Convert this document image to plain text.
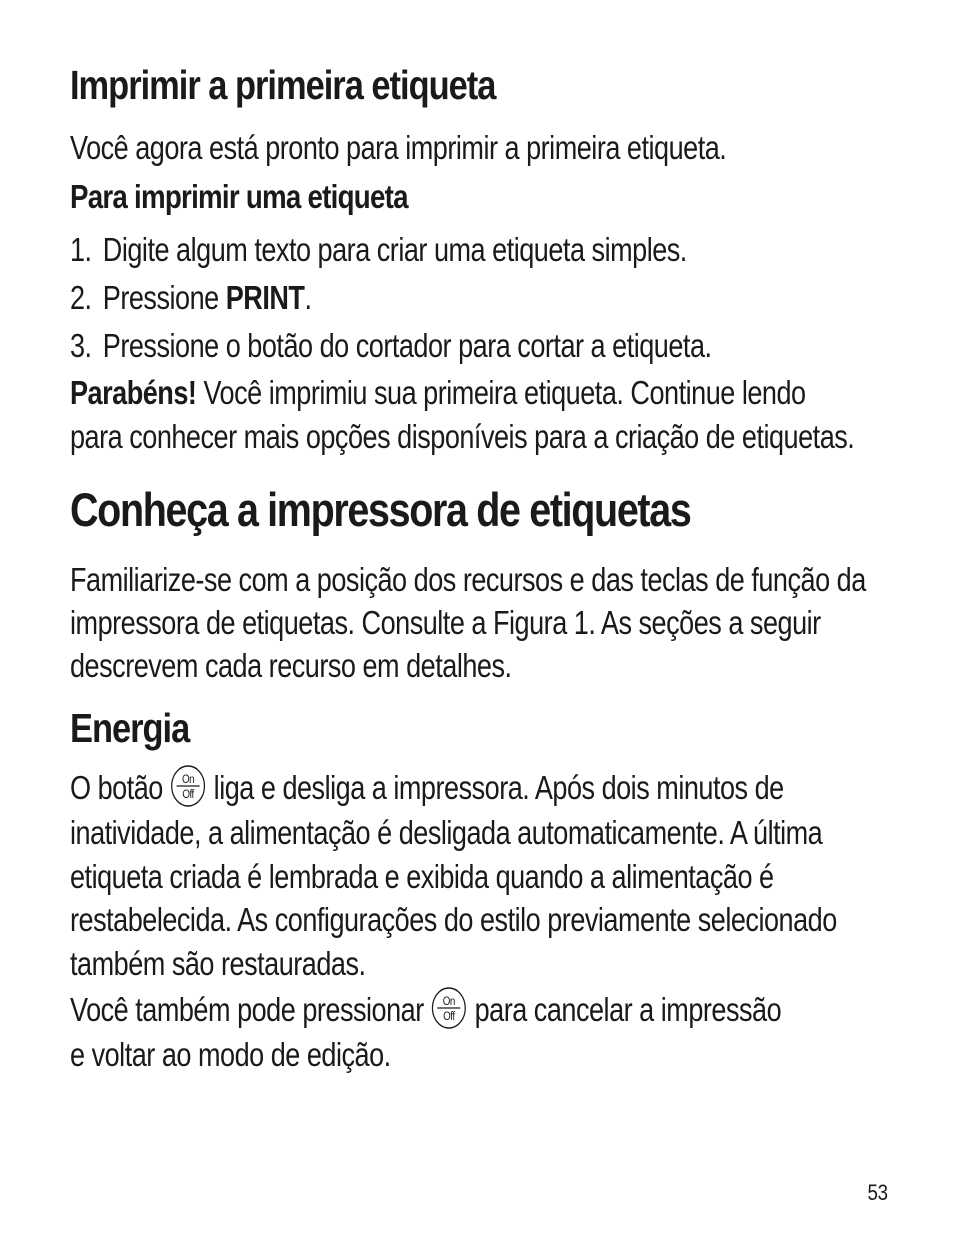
Imprimir a primeira etiqueta

Você agora está pronto para imprimir a primeira etiqueta.

Para imprimir uma etiqueta
1. Digite algum texto para criar uma etiqueta simples.
2. Pressione PRINT.
3. Pressione o botão do cortador para cortar a etiqueta.

Parabéns! Você imprimiu sua primeira etiqueta. Continue lendo

para conhecer mais opções disponíveis para a criação de etiquetas.

Conheça a impressora de etiquetas

Familiarize-se com a posição dos recursos e das teclas de função da

impressora de etiquetas. Consulte a Figura 1. As seções a seguir

descrevem cada recurso em detalhes.

Energia

O botão On
Off liga e desliga a impressora. Após dois minutos de

inatividade, a alimentação é desligada automaticamente. A última

etiqueta criada é lembrada e exibida quando a alimentação é

restabelecida. As configurações do estilo previamente selecionado

também são restauradas.

Você também pode pressionar On
Off para cancelar a impressão

e voltar ao modo de edição.

53
